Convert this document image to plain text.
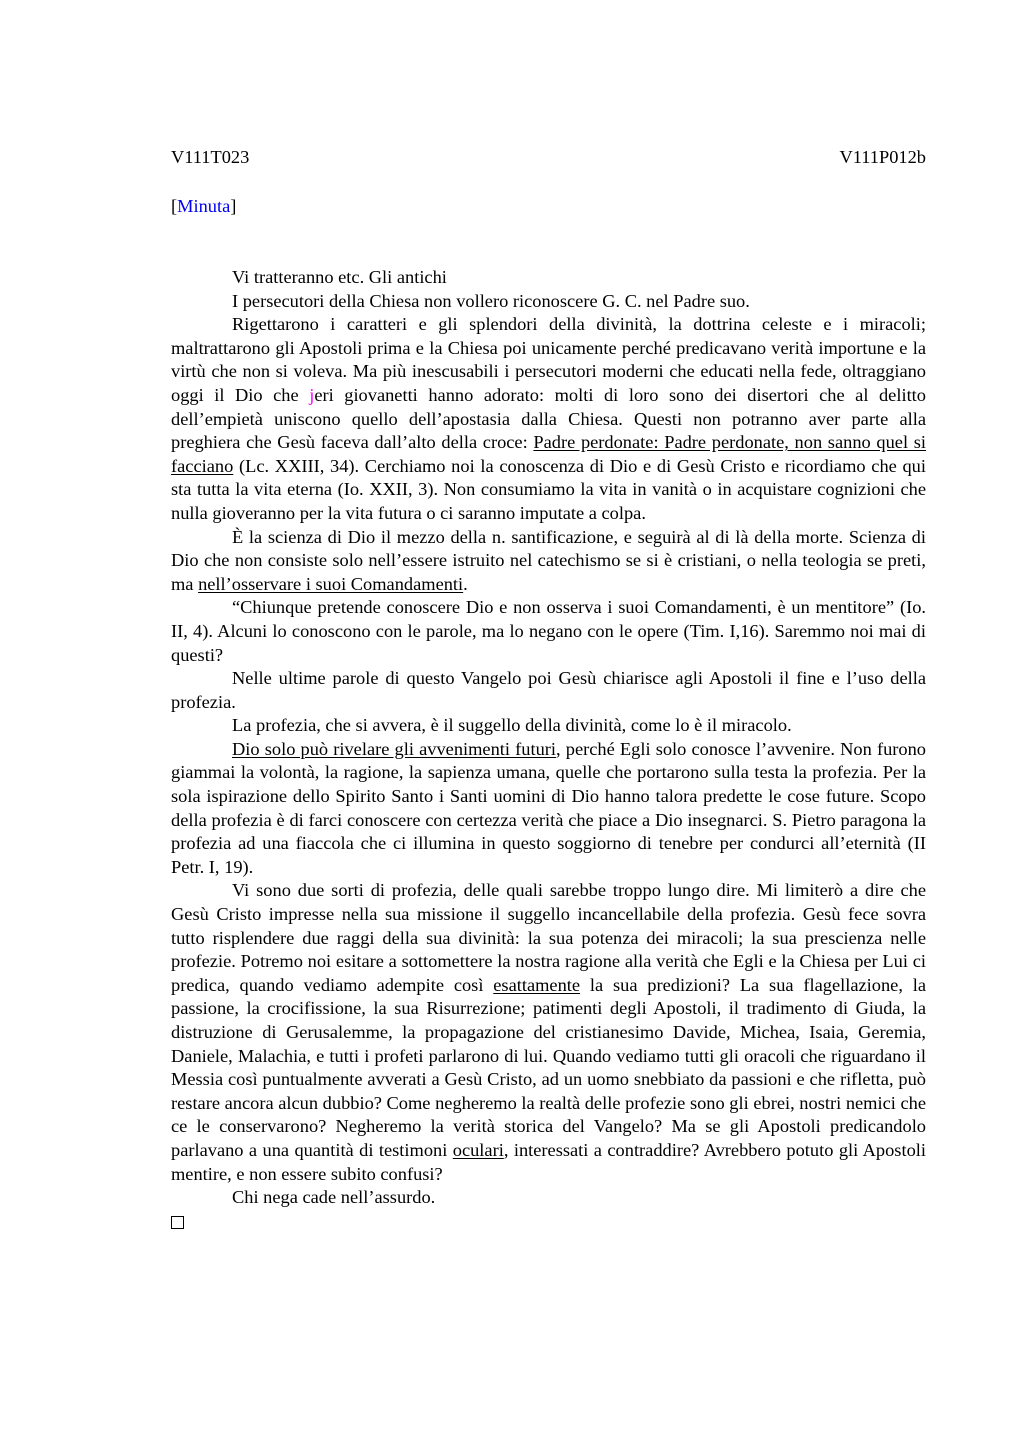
V111T023	V111P012b
[Minuta]

Vi tratteranno etc. Gli antichi

I persecutori della Chiesa non vollero riconoscere G. C. nel Padre suo.

Rigettarono i caratteri e gli splendori della divinità, la dottrina celeste e i miracoli; maltrattarono gli Apostoli prima e la Chiesa poi unicamente perché predicavano verità importune e la virtù che non si voleva. Ma più inescusabili i persecutori moderni che educati nella fede, oltraggiano oggi il Dio che jeri giovanetti hanno adorato: molti di loro sono dei disertori che al delitto dell’empietà uniscono quello dell’apostasia dalla Chiesa. Questi non potranno aver parte alla preghiera che Gesù faceva dall’alto della croce: Padre perdonate: Padre perdonate, non sanno quel si facciano (Lc. XXIII, 34). Cerchiamo noi la conoscenza di Dio e di Gesù Cristo e ricordiamo che qui sta tutta la vita eterna (Io. XXII, 3). Non consumiamo la vita in vanità o in acquistare cognizioni che nulla gioveranno per la vita futura o ci saranno imputate a colpa.

È la scienza di Dio il mezzo della n. santificazione, e seguirà al di là della morte. Scienza di Dio che non consiste solo nell’essere istruito nel catechismo se si è cristiani, o nella teologia se preti, ma nell’osservare i suoi Comandamenti.

“Chiunque pretende conoscere Dio e non osserva i suoi Comandamenti, è un mentitore” (Io. II, 4). Alcuni lo conoscono con le parole, ma lo negano con le opere (Tim. I,16). Saremmo noi mai di questi?

Nelle ultime parole di questo Vangelo poi Gesù chiarisce agli Apostoli il fine e l’uso della profezia.

La profezia, che si avvera, è il suggello della divinità, come lo è il miracolo.

Dio solo può rivelare gli avvenimenti futuri, perché Egli solo conosce l’avvenire. Non furono giammai la volontà, la ragione, la sapienza umana, quelle che portarono sulla testa la profezia. Per la sola ispirazione dello Spirito Santo i Santi uomini di Dio hanno talora predette le cose future. Scopo della profezia è di farci conoscere con certezza verità che piace a Dio insegnarci. S. Pietro paragona la profezia ad una fiaccola che ci illumina in questo soggiorno di tenebre per condurci all’eternità (II Petr. I, 19).

Vi sono due sorti di profezia, delle quali sarebbe troppo lungo dire. Mi limiterò a dire che Gesù Cristo impresse nella sua missione il suggello incancellabile della profezia. Gesù fece sovra tutto risplendere due raggi della sua divinità: la sua potenza dei miracoli; la sua prescienza nelle profezie. Potremo noi esitare a sottomettere la nostra ragione alla verità che Egli e la Chiesa per Lui ci predica, quando vediamo adempite così esattamente la sua predizioni? La sua flagellazione, la passione, la crocifissione, la sua Risurrezione; patimenti degli Apostoli, il tradimento di Giuda, la distruzione di Gerusalemme, la propagazione del cristianesimo Davide, Michea, Isaia, Geremia, Daniele, Malachia, e tutti i profeti parlarono di lui. Quando vediamo tutti gli oracoli che riguardano il Messia così puntualmente avverati a Gesù Cristo, ad un uomo snebbiato da passioni e che rifletta, può restare ancora alcun dubbio? Come negheremo la realtà delle profezie sono gli ebrei, nostri nemici che ce le conservarono? Negheremo la verità storica del Vangelo? Ma se gli Apostoli predicandolo parlavano a una quantità di testimoni oculari, interessati a contraddire? Avrebbero potuto gli Apostoli mentire, e non essere subito confusi?

Chi nega cade nell’assurdo.
